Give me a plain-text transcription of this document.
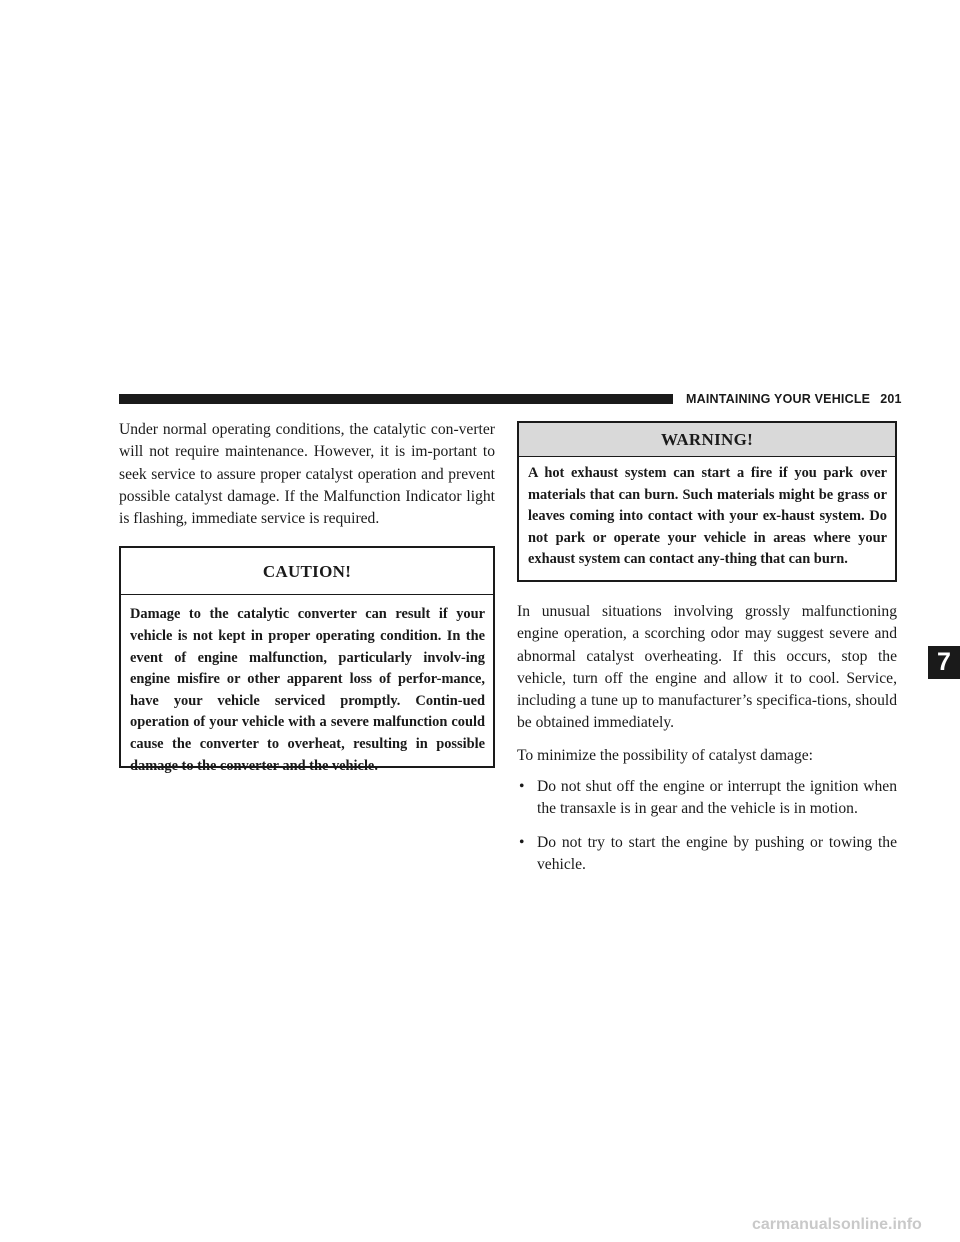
MAINTAINING YOUR VEHICLE 201

Under normal operating conditions, the catalytic con-verter will not require maintenance. However, it is im-portant to seek service to assure proper catalyst operation and prevent possible catalyst damage. If the Malfunction Indicator light is flashing, immediate service is required.

CAUTION!

Damage to the catalytic converter can result if your vehicle is not kept in proper operating condition. In the event of engine malfunction, particularly involv-ing engine misfire or other apparent loss of perfor-mance, have your vehicle serviced promptly. Contin-ued operation of your vehicle with a severe malfunction could cause the converter to overheat, resulting in possible damage to the converter and the vehicle.

WARNING!

A hot exhaust system can start a fire if you park over materials that can burn. Such materials might be grass or leaves coming into contact with your ex-haust system. Do not park or operate your vehicle in areas where your exhaust system can contact any-thing that can burn.

In unusual situations involving grossly malfunctioning engine operation, a scorching odor may suggest severe and abnormal catalyst overheating. If this occurs, stop the vehicle, turn off the engine and allow it to cool. Service, including a tune up to manufacturer’s specifica-tions, should be obtained immediately.

To minimize the possibility of catalyst damage:

• Do not shut off the engine or interrupt the ignition when the transaxle is in gear and the vehicle is in motion.
• Do not try to start the engine by pushing or towing the vehicle.
7
carmanualsonline.info
